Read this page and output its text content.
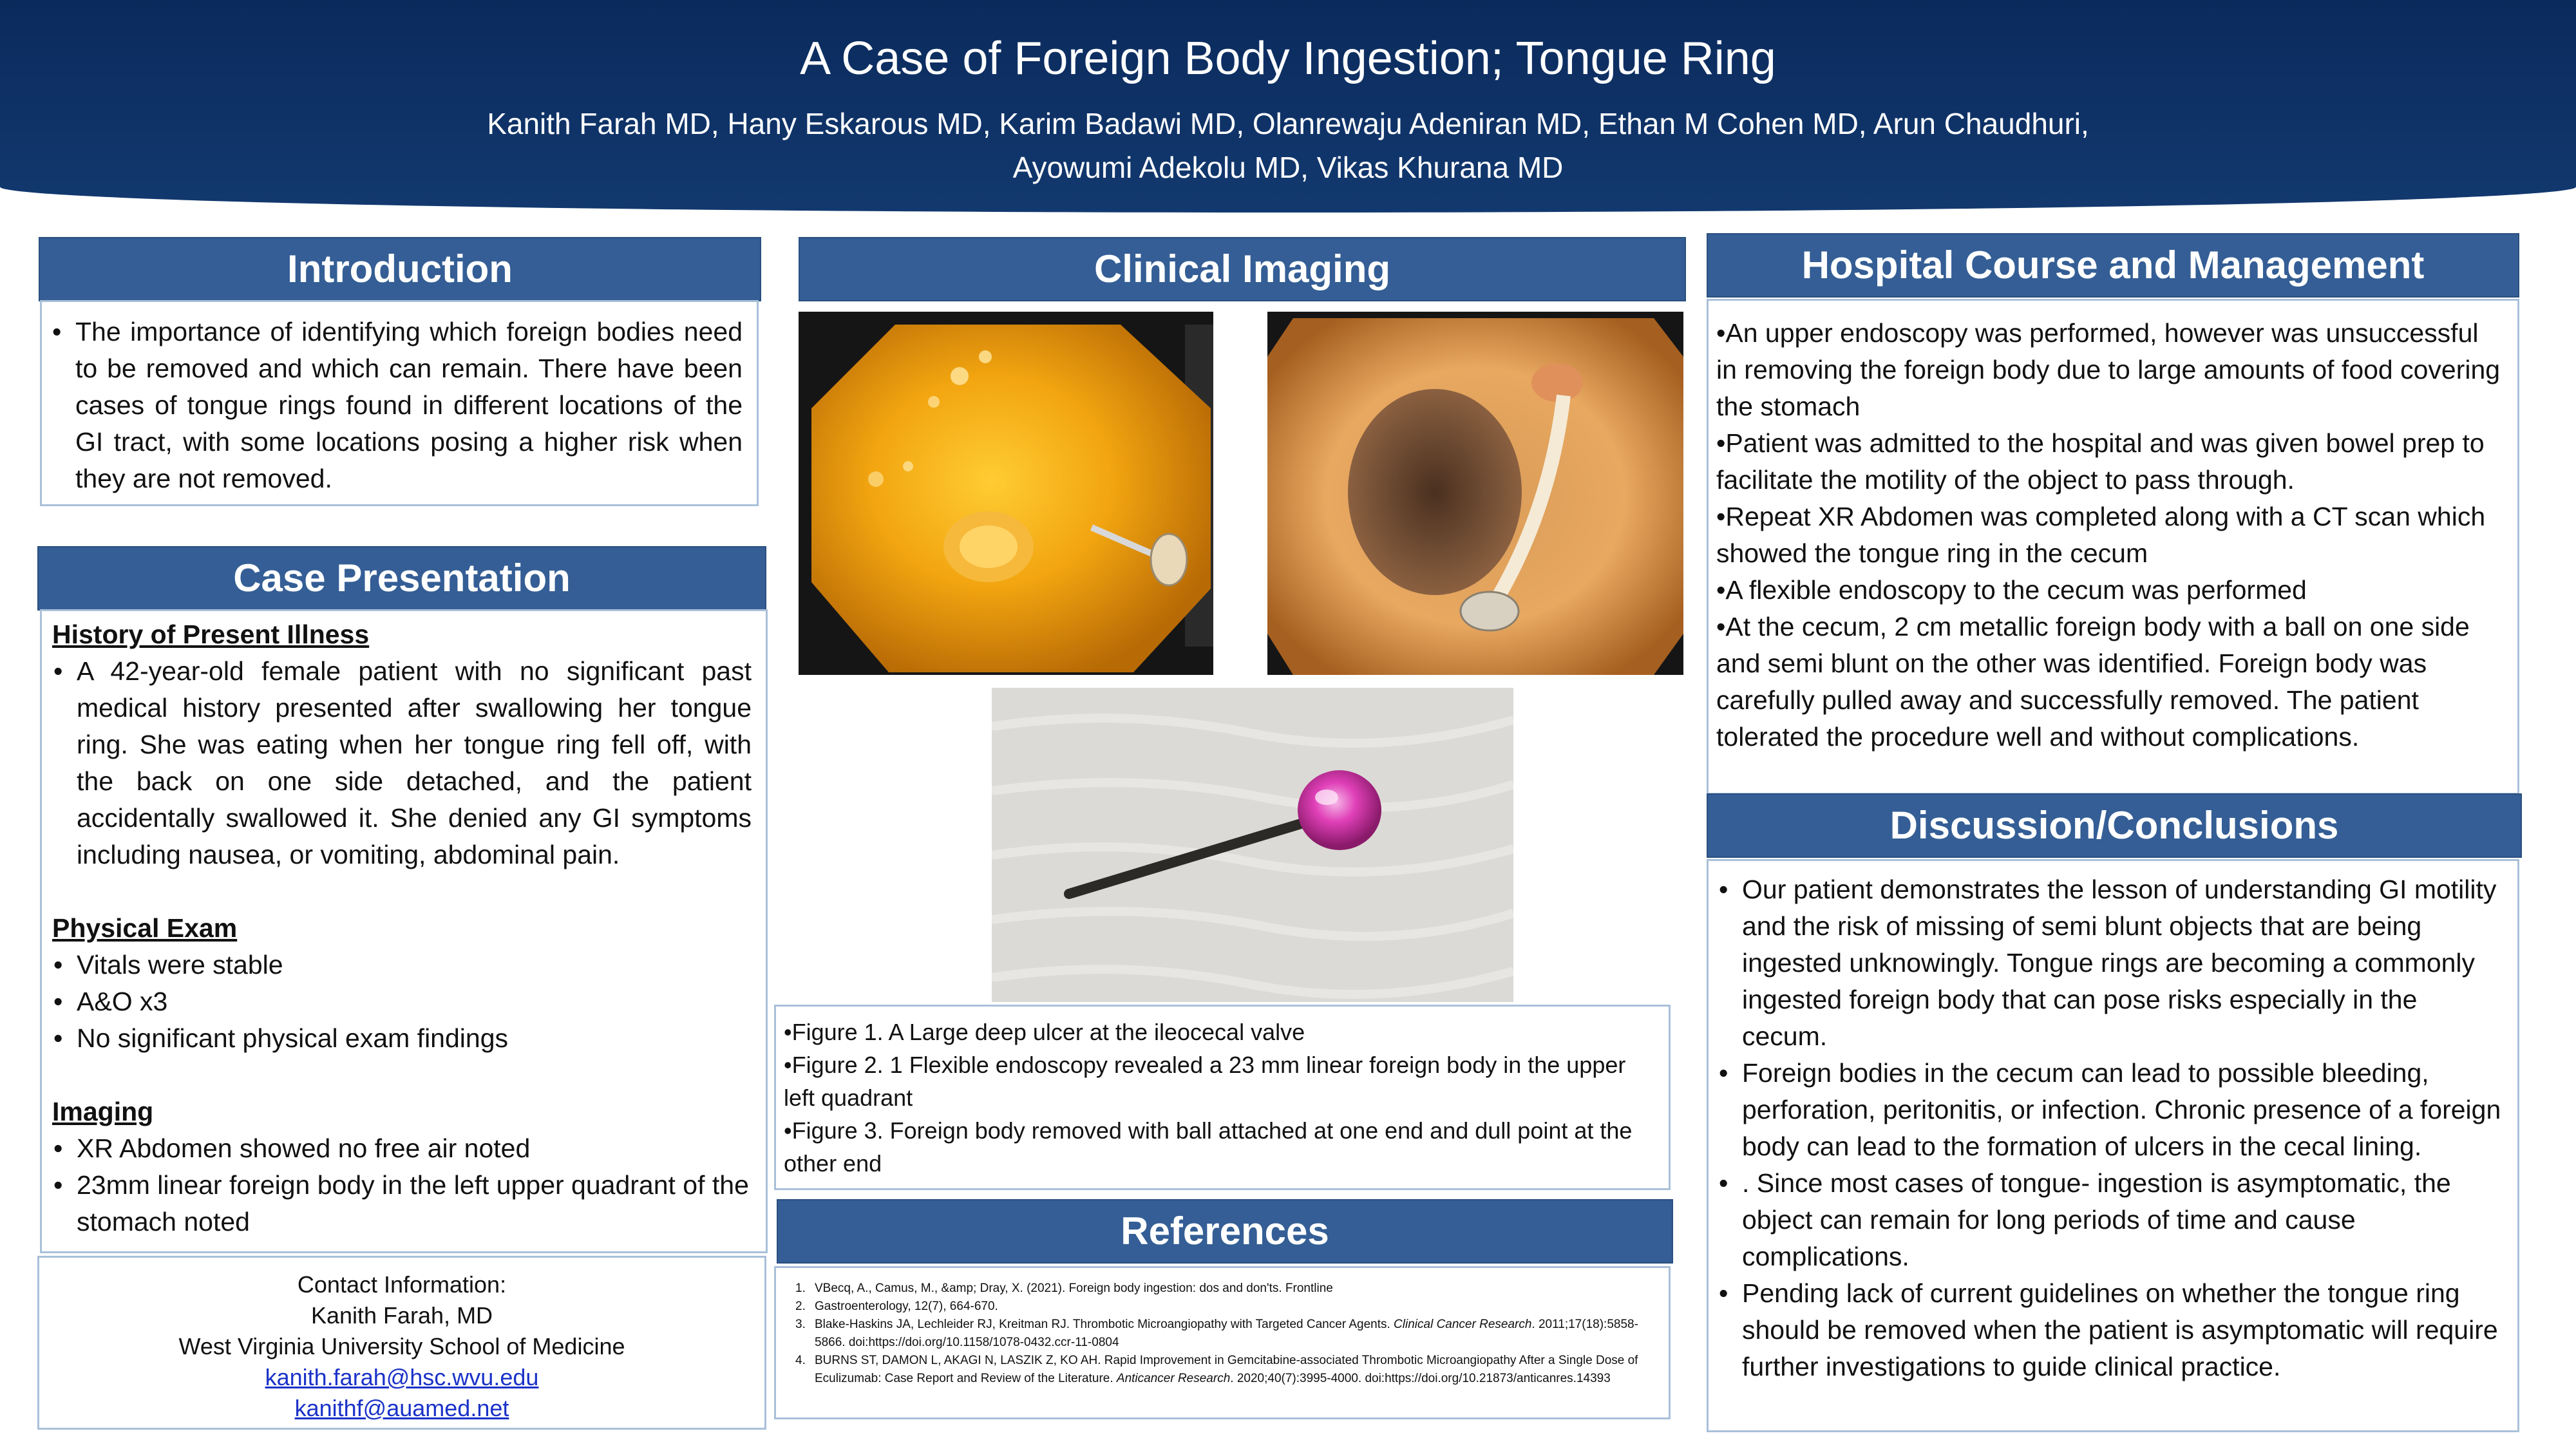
A Case of Foreign Body Ingestion; Tongue Ring
Kanith Farah MD, Hany Eskarous MD, Karim Badawi MD, Olanrewaju Adeniran MD, Ethan M Cohen MD, Arun Chaudhuri,
Ayowumi Adekolu MD, Vikas Khurana MD
Introduction
• The importance of identifying which foreign bodies need to be removed and which can remain. There have been cases of tongue rings found in different locations of the GI tract, with some locations posing a higher risk when they are not removed.
Case Presentation
History of Present Illness
• A 42-year-old female patient with no significant past medical history presented after swallowing her tongue ring. She was eating when her tongue ring fell off, with the back on one side detached, and the patient accidentally swallowed it. She denied any GI symptoms including nausea, or vomiting, abdominal pain.
Physical Exam
• Vitals were stable
• A&O x3
• No significant physical exam findings
Imaging
• XR Abdomen showed no free air noted
• 23mm linear foreign body in the left upper quadrant of the stomach noted
Contact Information:
Kanith Farah, MD
West Virginia University School of Medicine
kanith.farah@hsc.wvu.edu
kanithf@auamed.net
Clinical Imaging
•Figure 1. A Large deep ulcer at the ileocecal valve
•Figure 2. 1 Flexible endoscopy revealed a 23 mm linear foreign body in the upper left quadrant
•Figure 3. Foreign body removed with ball attached at one end and dull point at the other end
References
1. VBecq, A., Camus, M., &amp; Dray, X. (2021). Foreign body ingestion: dos and don'ts. Frontline
2. Gastroenterology, 12(7), 664-670.
3. Blake-Haskins JA, Lechleider RJ, Kreitman RJ. Thrombotic Microangiopathy with Targeted Cancer Agents. Clinical Cancer Research. 2011;17(18):5858-5866. doi:https://doi.org/10.1158/1078-0432.ccr-11-0804
4. BURNS ST, DAMON L, AKAGI N, LASZIK Z, KO AH. Rapid Improvement in Gemcitabine-associated Thrombotic Microangiopathy After a Single Dose of Eculizumab: Case Report and Review of the Literature. Anticancer Research. 2020;40(7):3995-4000. doi:https://doi.org/10.21873/anticanres.14393
Hospital Course and Management
•An upper endoscopy was performed, however was unsuccessful in removing the foreign body due to large amounts of food covering the stomach
•Patient was admitted to the hospital and was given bowel prep to facilitate the motility of the object to pass through.
•Repeat XR Abdomen was completed along with a CT scan which showed the tongue ring in the cecum
•A flexible endoscopy to the cecum was performed
•At the cecum, 2 cm metallic foreign body with a ball on one side and semi blunt on the other was identified. Foreign body was carefully pulled away and successfully removed. The patient tolerated the procedure well and without complications.
Discussion/Conclusions
• Our patient demonstrates the lesson of understanding GI motility and the risk of missing of semi blunt objects that are being ingested unknowingly. Tongue rings are becoming a commonly ingested foreign body that can pose risks especially in the cecum.
• Foreign bodies in the cecum can lead to possible bleeding, perforation, peritonitis, or infection. Chronic presence of a foreign body can lead to the formation of ulcers in the cecal lining.
• . Since most cases of tongue- ingestion is asymptomatic, the object can remain for long periods of time and cause complications.
• Pending lack of current guidelines on whether the tongue ring should be removed when the patient is asymptomatic will require further investigations to guide clinical practice.
